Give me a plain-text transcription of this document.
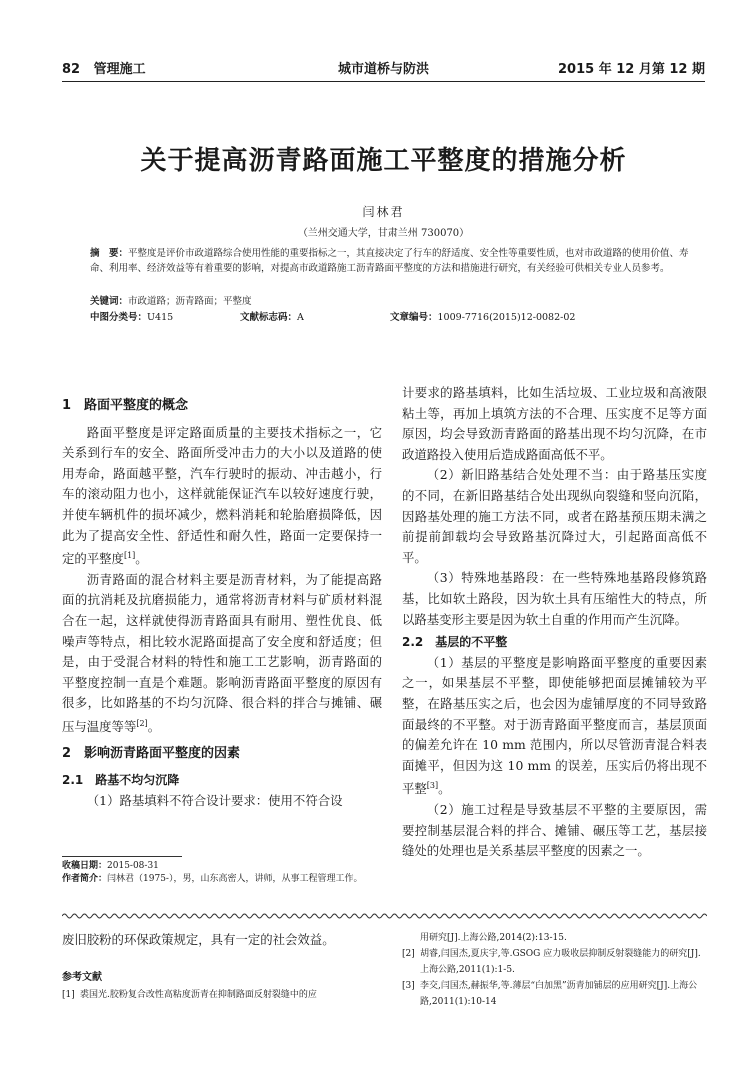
82 管理施工	城市道桥与防洪	2015 年 12 月第 12 期
关于提高沥青路面施工平整度的措施分析
闫林君
（兰州交通大学，甘肃兰州 730070）
摘　要：平整度是评价市政道路综合使用性能的重要指标之一，其直接决定了行车的舒适度、安全性等重要性质，也对市政道路的使用价值、寿命、利用率、经济效益等有着重要的影响，对提高市政道路施工沥青路面平整度的方法和措施进行研究，有关经验可供相关专业人员参考。
关键词：市政道路；沥青路面；平整度
中图分类号： U415	文献标志码： A	文章编号： 1009-7716(2015)12-0082-02
1　路面平整度的概念

路面平整度是评定路面质量的主要技术指标之一，它关系到行车的安全、路面所受冲击力的大小以及道路的使用寿命，路面越平整，汽车行驶时的振动、冲击越小，行车的滚动阻力也小，这样就能保证汽车以较好速度行驶，并使车辆机件的损坏减少，燃料消耗和轮胎磨损降低，因此为了提高安全性、舒适性和耐久性，路面一定要保持一定的平整度[1]。

沥青路面的混合材料主要是沥青材料，为了能提高路面的抗消耗及抗磨损能力，通常将沥青材料与矿质材料混合在一起，这样就使得沥青路面具有耐用、塑性优良、低噪声等特点，相比较水泥路面提高了安全度和舒适度；但是，由于受混合材料的特性和施工工艺影响，沥青路面的平整度控制一直是个难题。影响沥青路面平整度的原因有很多，比如路基的不均匀沉降、很合料的拌合与摊铺、碾压与温度等等[2]。

2　影响沥青路面平整度的因素
2.1　路基不均匀沉降

（1）路基填料不符合设计要求：使用不符合设

计要求的路基填料，比如生活垃圾、工业垃圾和高液限粘土等，再加上填筑方法的不合理、压实度不足等方面原因，均会导致沥青路面的路基出现不均匀沉降，在市政道路投入使用后造成路面高低不平。

（2）新旧路基结合处处理不当：由于路基压实度的不同，在新旧路基结合处出现纵向裂缝和竖向沉陷，因路基处理的施工方法不同，或者在路基预压期未满之前提前卸载均会导致路基沉降过大，引起路面高低不平。

（3）特殊地基路段：在一些特殊地基路段修筑路基，比如软土路段，因为软土具有压缩性大的特点，所以路基变形主要是因为软土自重的作用而产生沉降。

2.2　基层的不平整

（1）基层的平整度是影响路面平整度的重要因素之一，如果基层不平整，即使能够把面层摊铺较为平整，在路基压实之后，也会因为虚铺厚度的不同导致路面最终的不平整。对于沥青路面平整度而言，基层顶面的偏差允许在 10 mm 范围内，所以尽管沥青混合料表面摊平，但因为这 10 mm 的误差，压实后仍将出现不平整[3]。

（2）施工过程是导致基层不平整的主要原因，需要控制基层混合料的拌合、摊铺、碾压等工艺，基层接缝处的处理也是关系基层平整度的因素之一。

收稿日期：2015-08-31
作者简介：闫林君（1975-），男，山东高密人，讲师，从事工程管理工作。
废旧胶粉的环保政策规定，具有一定的社会效益。
参考文献
[1] 裘国光.胶粉复合改性高粘度沥青在抑制路面反射裂缝中的应
用研究[J].上海公路,2014(2):13-15.
[2] 胡睿,闫国杰,夏庆宇,等.GSOG 应力吸收层抑制反射裂缝能力的研究[J].上海公路,2011(1):1-5.
[3] 李交,闫国杰,赫振华,等.薄层“白加黑”沥青加铺层的应用研究[J].上海公路,2011(1):10-14
